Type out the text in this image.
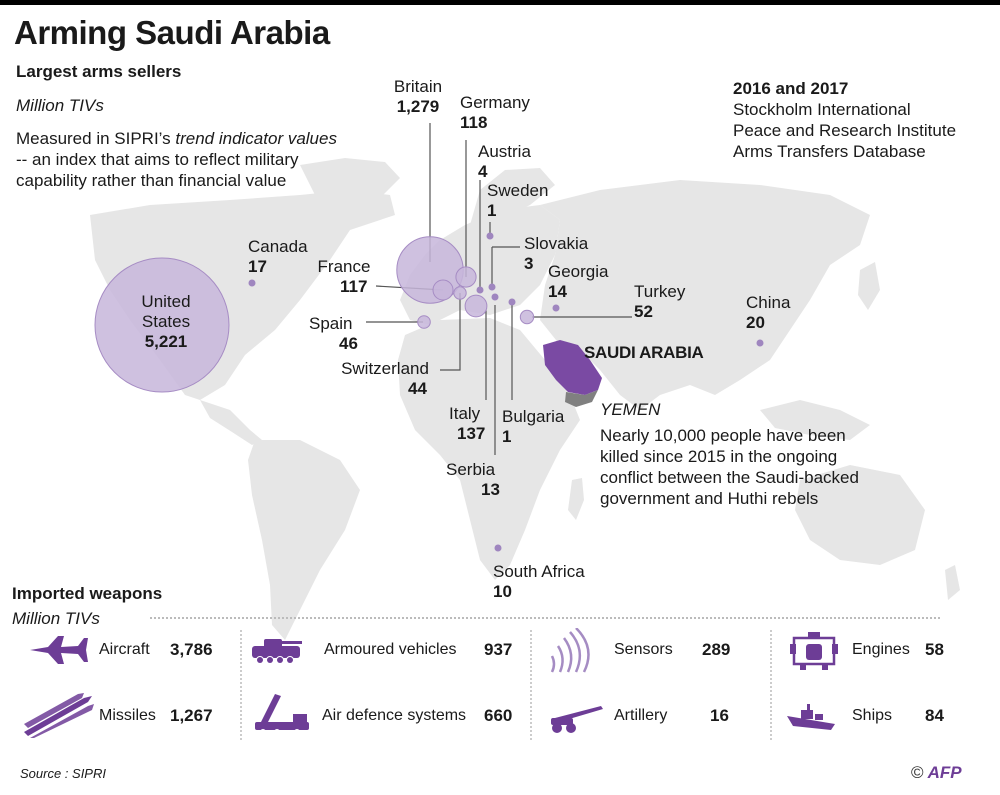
Arming Saudi Arabia
Largest arms sellers
Million TIVs
Measured in SIPRI’s trend indicator values -- an index that aims to reflect military capability rather than financial value
2016 and 2017
Stockholm International
Peace and Research Institute
Arms Transfers Database
United
States
5,221
Britain
1,279	Germany
118
Austria
4
Sweden
1
Slovakia
3
Canada
17	France
117
Georgia
14	Turkey
52	China
20
Spain
46
Switzerland
44
Italy
137
Bulgaria
1
Serbia
13
South Africa
10
SAUDI ARABIA
YEMEN
Nearly 10,000 people have been killed since 2015 in the ongoing conflict between the Saudi-backed government and Huthi rebels
Imported weapons
Million TIVs
Aircraft 3,786
Missiles 1,267
Armoured vehicles 937
Air defence systems 660
Sensors 289
Artillery	16
Engines 58
Ships 84
Source : SIPRI	© AFP
